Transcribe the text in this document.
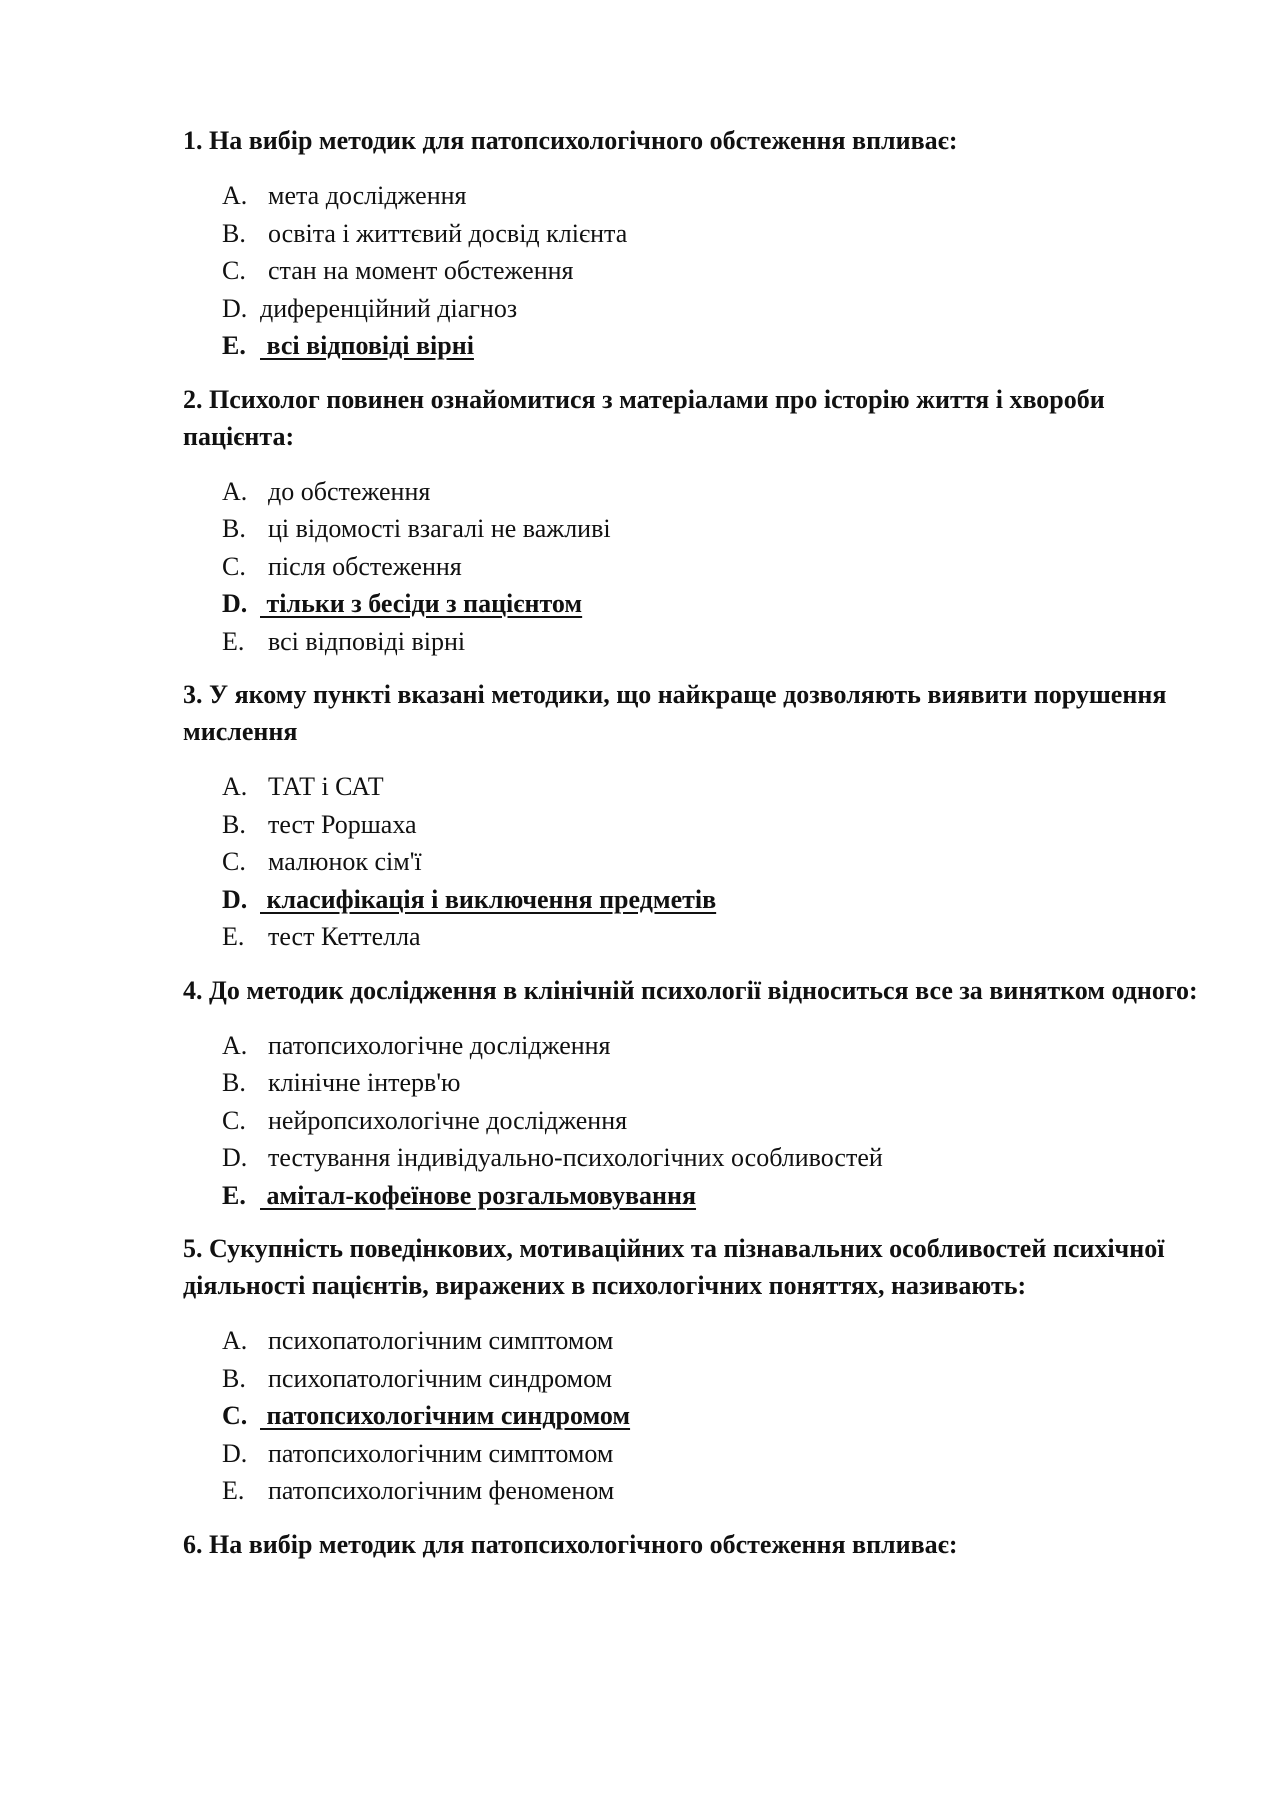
1. На вибір методик для патопсихологічного обстеження впливає:
A. мета дослідження
B. освіта і життєвий досвід клієнта
C. стан на момент обстеження
D. диференційний діагноз
E. всі відповіді вірні
2. Психолог повинен ознайомитися з матеріалами про історію життя і хвороби пацієнта:
A. до обстеження
B. ці відомості взагалі не важливі
C. після обстеження
D. тільки з бесіди з пацієнтом
E. всі відповіді вірні
3. У якому пункті вказані методики, що найкраще дозволяють виявити порушення мислення
A. ТАТ і САТ
B. тест Роршаха
C. малюнок сім'ї
D. класифікація і виключення предметів
E. тест Кеттелла
4. До методик дослідження в клінічній психології відноситься все за винятком одного:
A. патопсихологічне дослідження
B. клінічне інтерв'ю
C. нейропсихологічне дослідження
D. тестування індивідуально-психологічних особливостей
E. амітал-кофеїнове розгальмовування
5. Сукупність поведінкових, мотиваційних та пізнавальних особливостей психічної діяльності пацієнтів, виражених в психологічних поняттях, називають:
A. психопатологічним симптомом
B. психопатологічним синдромом
C. патопсихологічним синдромом
D. патопсихологічним симптомом
E. патопсихологічним феноменом
6. На вибір методик для патопсихологічного обстеження впливає:
